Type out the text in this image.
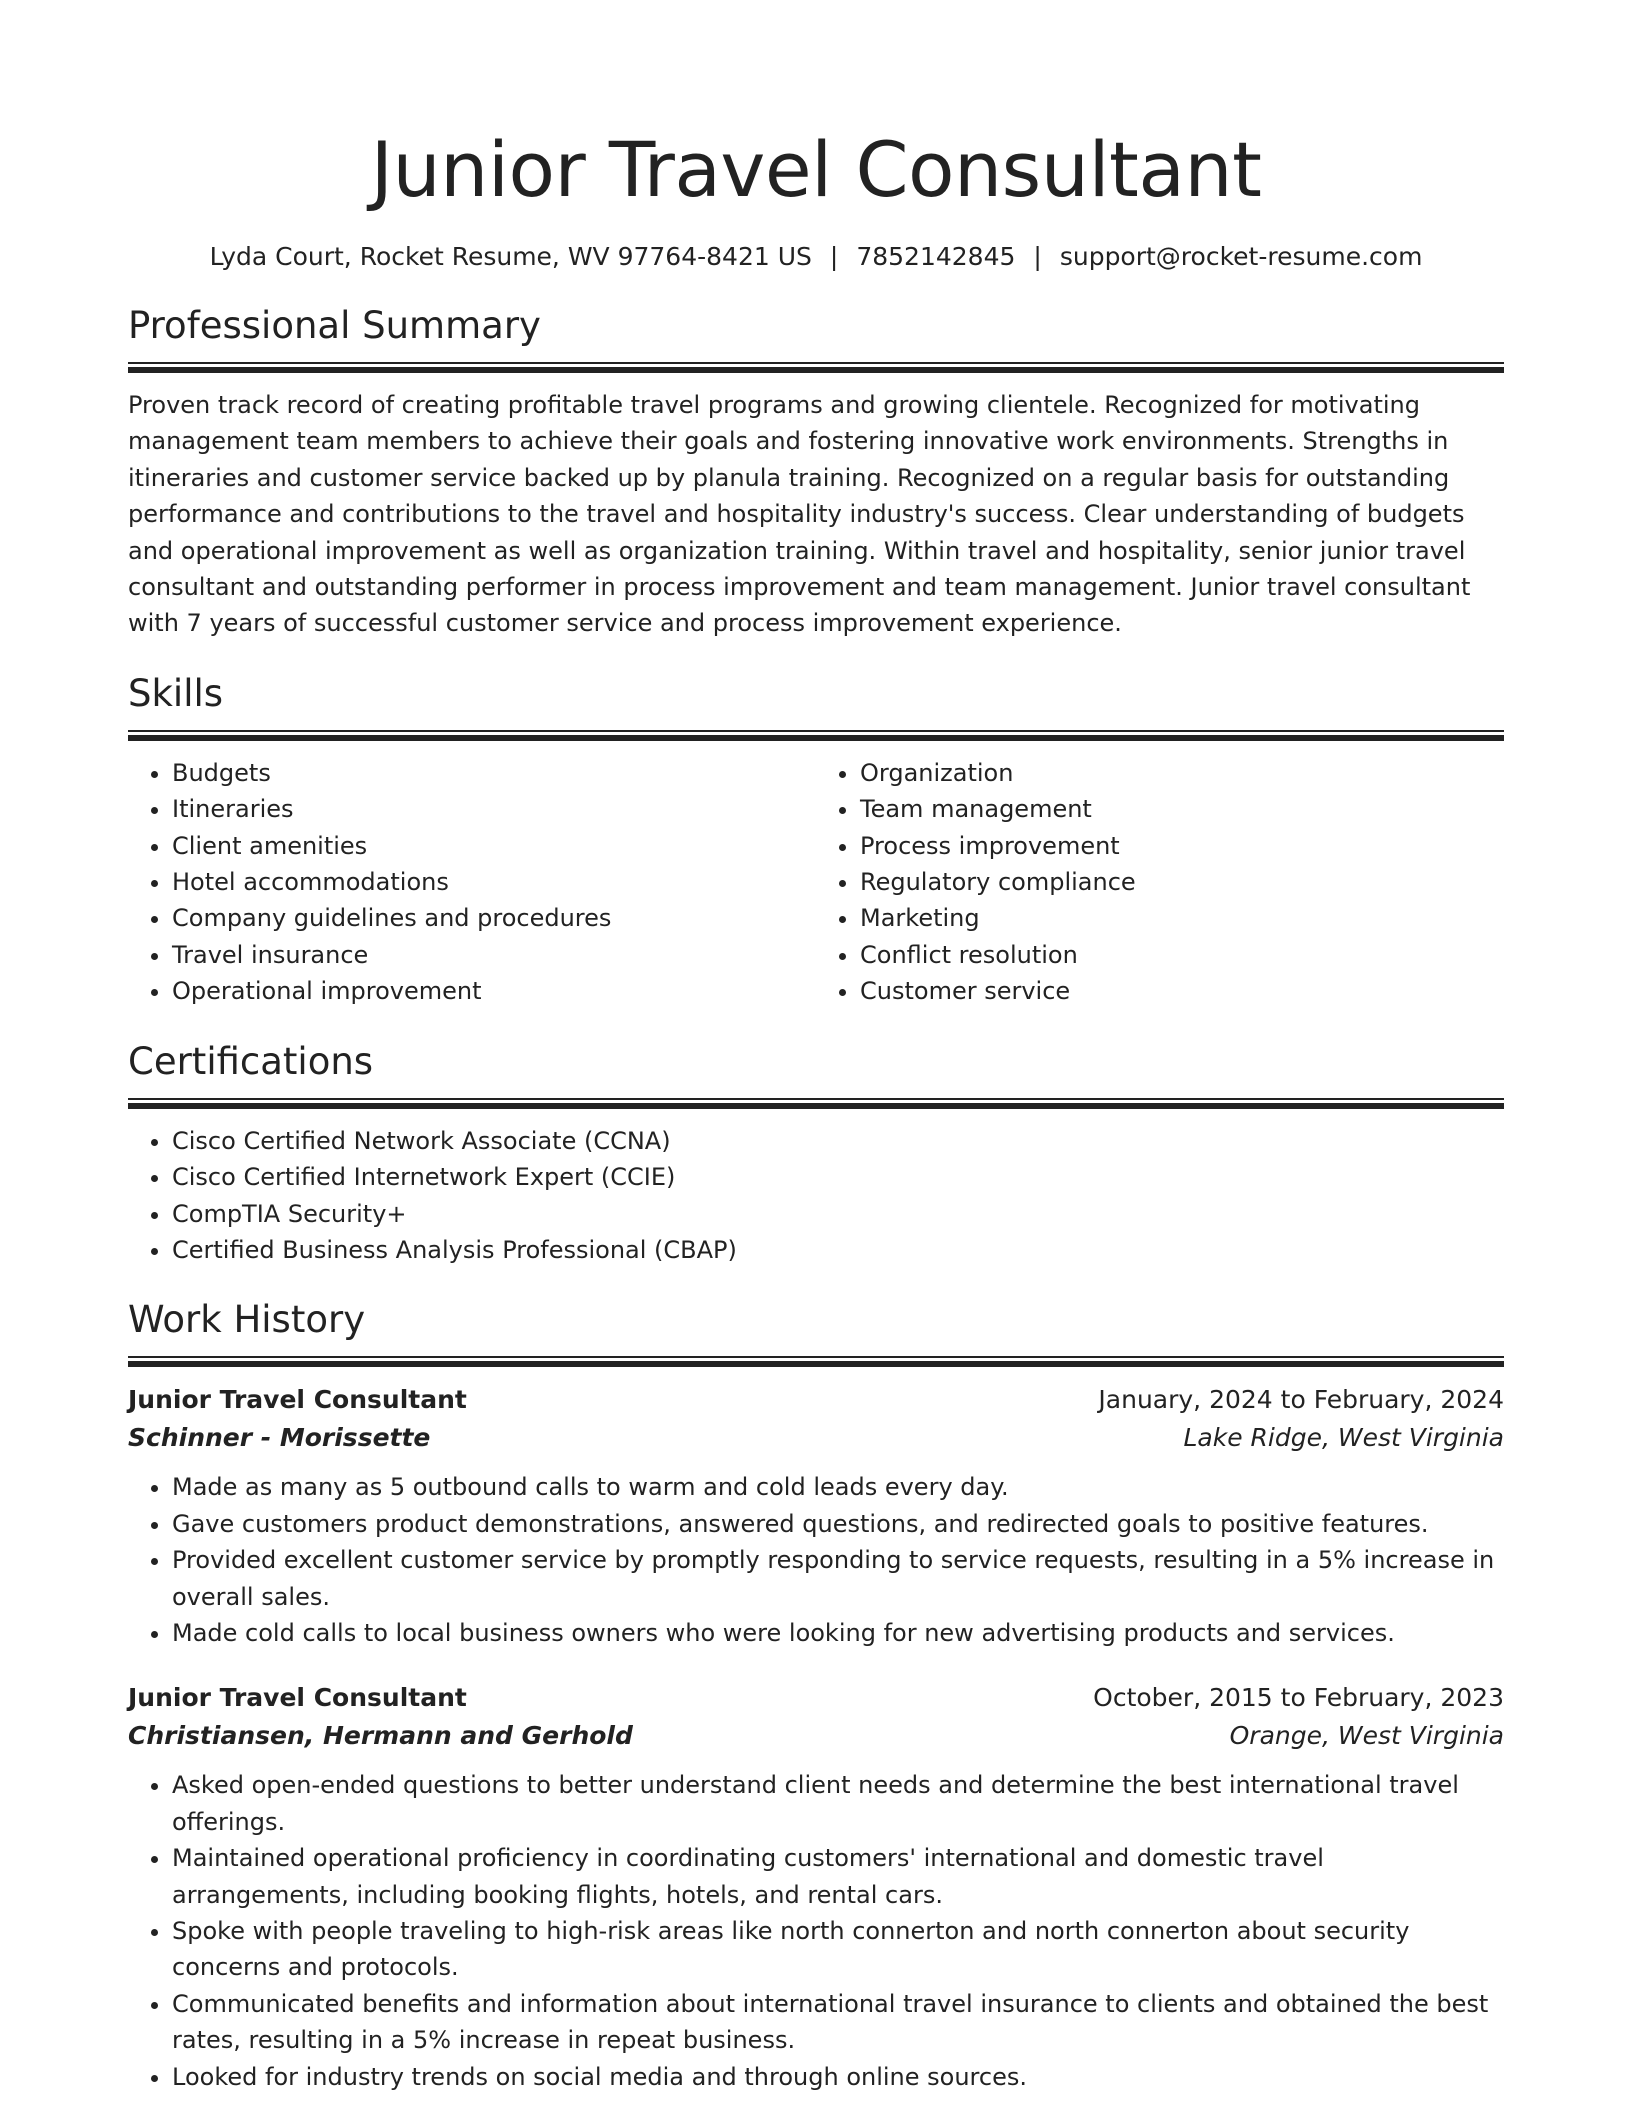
Junior Travel Consultant
Lyda Court, Rocket Resume, WV 97764-8421 US | 7852142845 | support@rocket-resume.com
Professional Summary

Proven track record of creating profitable travel programs and growing clientele. Recognized for motivating management team members to achieve their goals and fostering innovative work environments. Strengths in itineraries and customer service backed up by planula training. Recognized on a regular basis for outstanding performance and contributions to the travel and hospitality industry's success. Clear understanding of budgets and operational improvement as well as organization training. Within travel and hospitality, senior junior travel consultant and outstanding performer in process improvement and team management. Junior travel consultant with 7 years of successful customer service and process improvement experience.

Skills
• Budgets
• Itineraries
• Client amenities
• Hotel accommodations
• Company guidelines and procedures
• Travel insurance
• Operational improvement
• Organization
• Team management
• Process improvement
• Regulatory compliance
• Marketing
• Conflict resolution
• Customer service
Certifications
• Cisco Certified Network Associate (CCNA)
• Cisco Certified Internetwork Expert (CCIE)
• CompTIA Security+
• Certified Business Analysis Professional (CBAP)
Work History
Junior Travel Consultant	January, 2024 to February, 2024
Schinner - Morissette	Lake Ridge, West Virginia
• Made as many as 5 outbound calls to warm and cold leads every day.
• Gave customers product demonstrations, answered questions, and redirected goals to positive features.
• Provided excellent customer service by promptly responding to service requests, resulting in a 5% increase in overall sales.
• Made cold calls to local business owners who were looking for new advertising products and services.
Junior Travel Consultant	October, 2015 to February, 2023
Christiansen, Hermann and Gerhold	Orange, West Virginia
• Asked open-ended questions to better understand client needs and determine the best international travel offerings.
• Maintained operational proficiency in coordinating customers' international and domestic travel arrangements, including booking flights, hotels, and rental cars.
• Spoke with people traveling to high-risk areas like north connerton and north connerton about security concerns and protocols.
• Communicated benefits and information about international travel insurance to clients and obtained the best rates, resulting in a 5% increase in repeat business.
• Looked for industry trends on social media and through online sources.
